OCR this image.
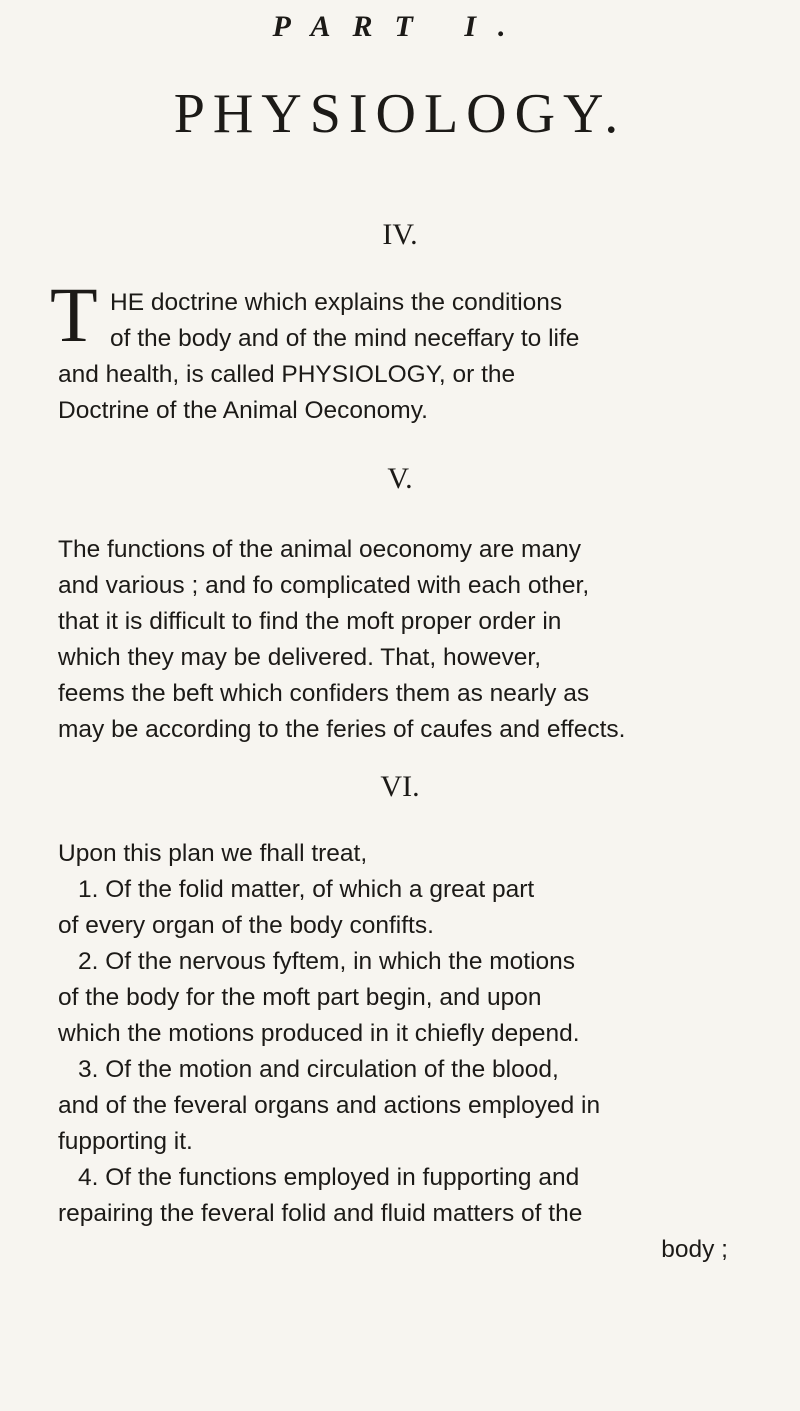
PART I.
PHYSIOLOGY.
IV.
T HE doctrine which explains the conditions
of the body and of the mind neceffary to life
and health, is called PHYSIOLOGY, or the
Doctrine of the Animal Oeconomy.
V.
The functions of the animal oeconomy are many
and various ; and fo complicated with each other,
that it is difficult to find the moft proper order in
which they may be delivered. That, however,
feems the beft which confiders them as nearly as
may be according to the feries of caufes and effects.
VI.
Upon this plan we fhall treat,
1. Of the folid matter, of which a great part
of every organ of the body confifts.
2. Of the nervous fyftem, in which the motions
of the body for the moft part begin, and upon
which the motions produced in it chiefly depend.
3. Of the motion and circulation of the blood,
and of the feveral organs and actions employed in
fupporting it.
4. Of the functions employed in fupporting and
repairing the feveral folid and fluid matters of the
body ;
